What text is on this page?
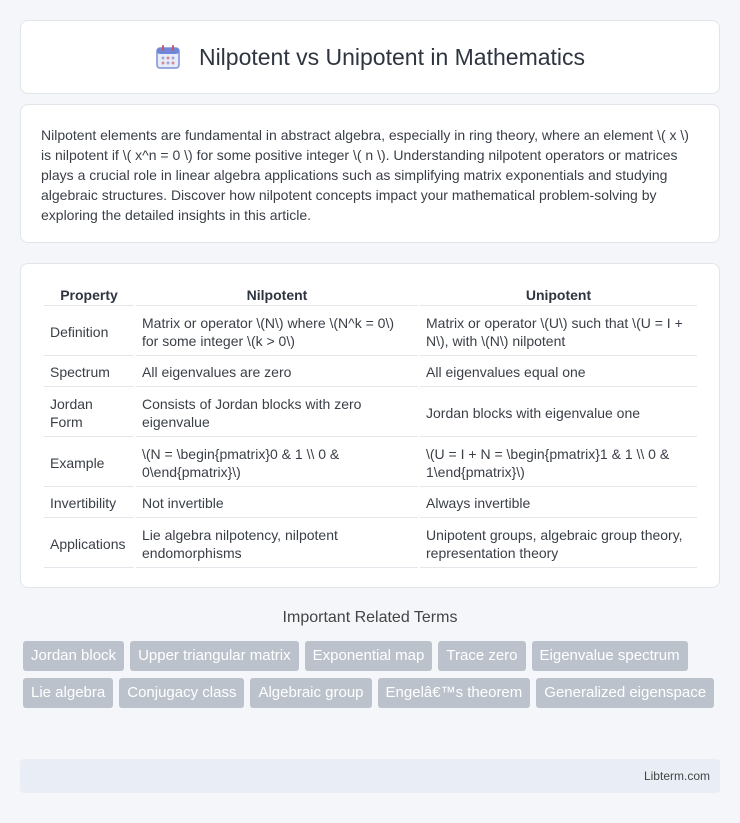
Nilpotent vs Unipotent in Mathematics

Nilpotent elements are fundamental in abstract algebra, especially in ring theory, where an element \( x \) is nilpotent if \( x^n = 0 \) for some positive integer \( n \). Understanding nilpotent operators or matrices plays a crucial role in linear algebra applications such as simplifying matrix exponentials and studying algebraic structures. Discover how nilpotent concepts impact your mathematical problem-solving by exploring the detailed insights in this article.

Property	Nilpotent	Unipotent
Definition	Matrix or operator \(N\) where \(N^k = 0\) for some integer \(k > 0\)	Matrix or operator \(U\) such that \(U = I + N\), with \(N\) nilpotent
Spectrum	All eigenvalues are zero	All eigenvalues equal one
Jordan Form	Consists of Jordan blocks with zero eigenvalue	Jordan blocks with eigenvalue one
Example	\(N = \begin{pmatrix}0 & 1 \\ 0 & 0\end{pmatrix}\)	\(U = I + N = \begin{pmatrix}1 & 1 \\ 0 & 1\end{pmatrix}\)
Invertibility	Not invertible	Always invertible
Applications	Lie algebra nilpotency, nilpotent endomorphisms	Unipotent groups, algebraic group theory, representation theory
Important Related Terms
Jordan block	Upper triangular matrix	Exponential map	Trace zero	Eigenvalue spectrum
Lie algebra	Conjugacy class	Algebraic group	Engelâ€™s theorem	Generalized eigenspace
Libterm.com
